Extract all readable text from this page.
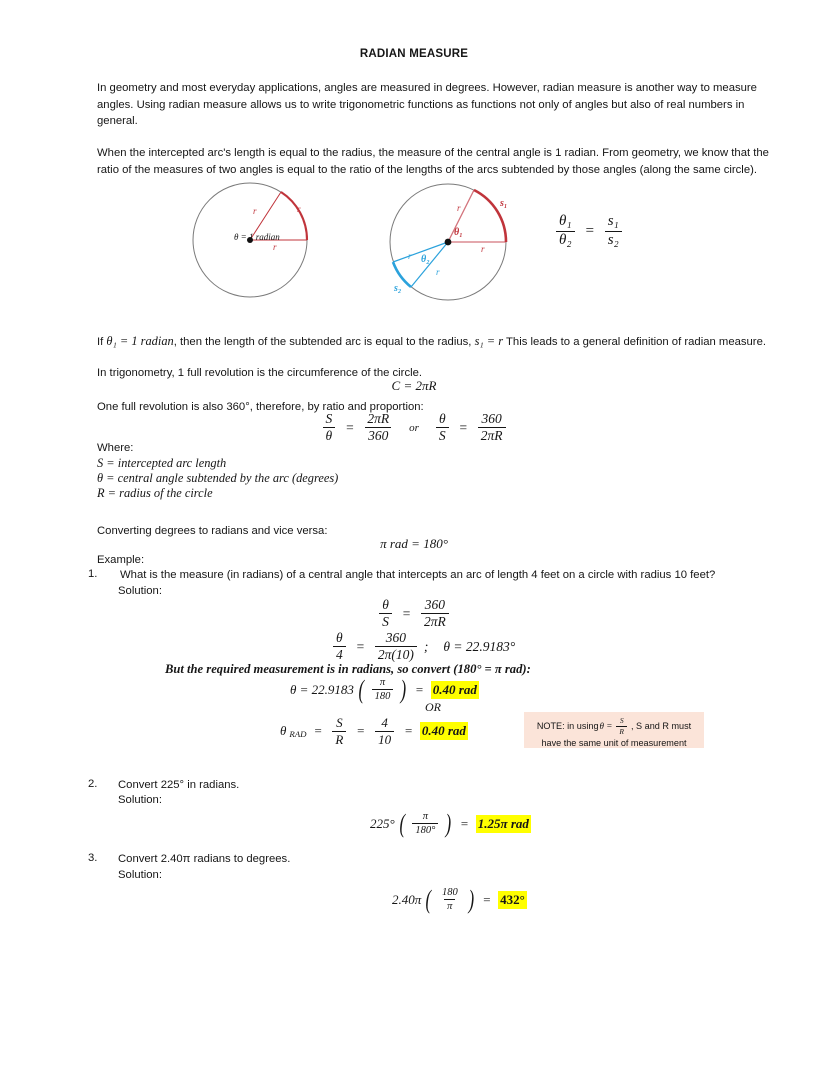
RADIAN MEASURE
In geometry and most everyday applications, angles are measured in degrees. However, radian measure is another way to measure angles. Using radian measure allows us to write trigonometric functions as functions not only of angles but also of real numbers in general.
When the intercepted arc's length is equal to the radius, the measure of the central angle is 1 radian. From geometry, we know that the ratio of the measures of two angles is equal to the ratio of the lengths of the arcs subtended by those angles (along the same circle).
θ = 1 radian
r
r	r
θ₁
r
r	s₁
θ₂
r
r
s₂
$\frac{\text{θ₁}}{\text{θ₂}} = \frac{\text{s₁}}{\text{s₂}}$
If θ₁ = 1 radian, then the length of the subtended arc is equal to the radius, s₁ = r This leads to a general definition of radian measure.
In trigonometry, 1 full revolution is the circumference of the circle.
C = 2πR
One full revolution is also 360°, therefore, by ratio and proportion:
$\frac{S}{\theta} = \frac{2\pi R}{360}$ or $\frac{\theta}{S} = \frac{360}{2\pi R}$
Where:
S = intercepted arc length
θ = central angle subtended by the arc (degrees)
R = radius of the circle
Converting degrees to radians and vice versa:
π rad = 180°
Example:
1. What is the measure (in radians) of a central angle that intercepts an arc of length 4 feet on a circle with radius 10 feet?
Solution:
$\frac{\theta}{S} = \frac{360}{2\pi R}$
$\frac{\theta}{4} = \frac{360}{2\pi(10)}$ ; θ = 22.9183°
But the required measurement is in radians, so convert (180° = π rad):
θ = 22.9183 ( $\frac{\pi}{180}$ ) = 0.40 rad
OR
θ RAD = $\frac{S}{R} = \frac{4}{10} = 0.40$ rad	NOTE: in using $\theta = \frac{S}{R}$ , S and R must
have the same unit of measurement
2. Convert 225° in radians.
Solution:
225° ( $\frac{\pi}{180^\circ}$ ) = 1.25π rad
3. Convert 2.40π radians to degrees.
Solution:
2.40π ( $\frac{180}{\pi}$ ) = 432°
